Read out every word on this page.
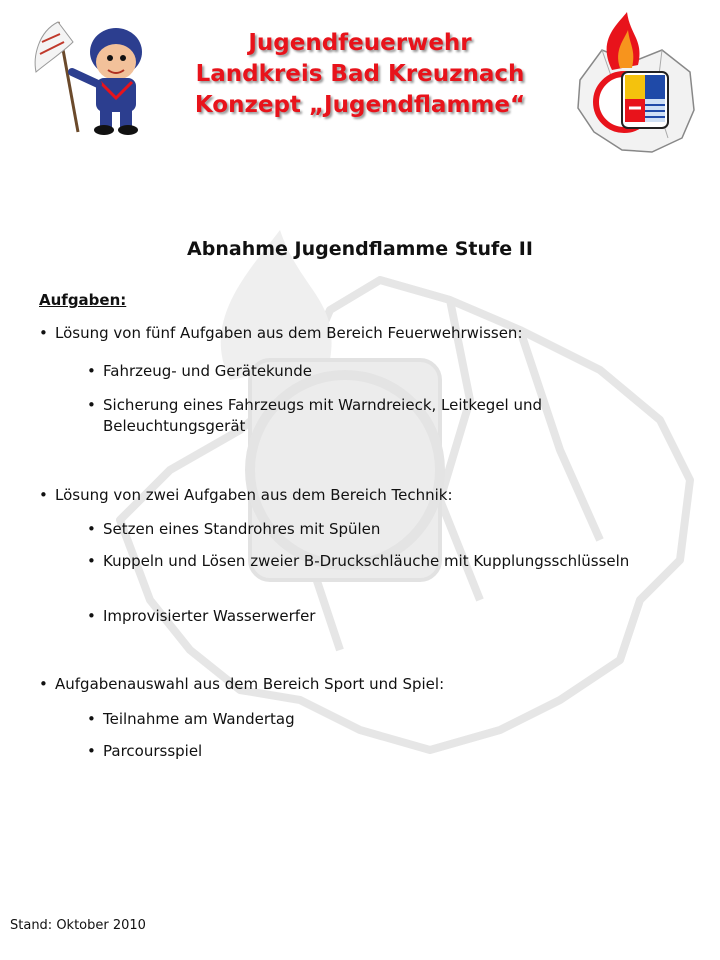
Jugendfeuerwehr
Landkreis Bad Kreuznach
Konzept „Jugendflamme“
Abnahme Jugendflamme Stufe II
Aufgaben:
• Lösung von fünf Aufgaben aus dem Bereich Feuerwehrwissen:
• Fahrzeug- und Gerätekunde
• Sicherung eines Fahrzeugs mit Warndreieck, Leitkegel und Beleuchtungsgerät
• Lösung von zwei Aufgaben aus dem Bereich Technik:
• Setzen eines Standrohres mit Spülen
• Kuppeln und Lösen zweier B-Druckschläuche mit Kupplungsschlüsseln
• Improvisierter Wasserwerfer
• Aufgabenauswahl aus dem Bereich Sport und Spiel:
• Teilnahme am Wandertag
• Parcoursspiel
Stand: Oktober 2010
